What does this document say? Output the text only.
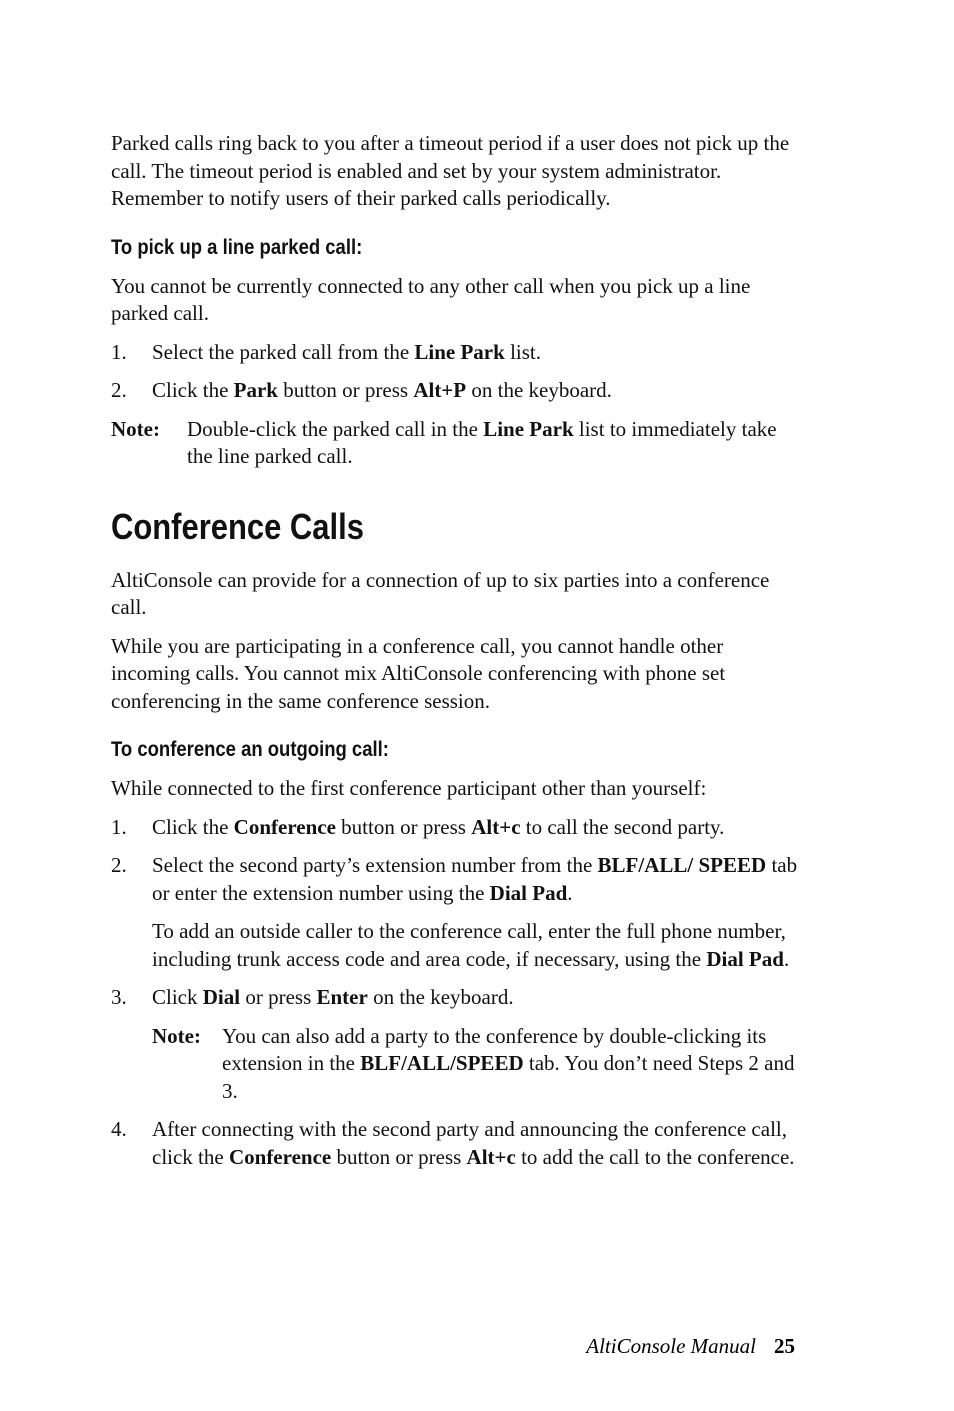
Parked calls ring back to you after a timeout period if a user does not pick up the call. The timeout period is enabled and set by your system administrator. Remember to notify users of their parked calls periodically.

To pick up a line parked call:

You cannot be currently connected to any other call when you pick up a line parked call.

1.	Select the parked call from the Line Park list.
2.	Click the Park button or press Alt+P on the keyboard.
Note:	Double-click the parked call in the Line Park list to immediately take the line parked call.
Conference Calls

AltiConsole can provide for a connection of up to six parties into a conference call.

While you are participating in a conference call, you cannot handle other incoming calls. You cannot mix AltiConsole conferencing with phone set conferencing in the same conference session.

To conference an outgoing call:

While connected to the first conference participant other than yourself:

1.	Click the Conference button or press Alt+c to call the second party.
2.	Select the second party’s extension number from the BLF/ALL/ SPEED tab or enter the extension number using the Dial Pad.

To add an outside caller to the conference call, enter the full phone number, including trunk access code and area code, if necessary, using the Dial Pad.

3.	Click Dial or press Enter on the keyboard.
Note:	You can also add a party to the conference by double-clicking its extension in the BLF/ALL/SPEED tab. You don’t need Steps 2 and 3.
4.	After connecting with the second party and announcing the conference call, click the Conference button or press Alt+c to add the call to the conference.
AltiConsole Manual 25
